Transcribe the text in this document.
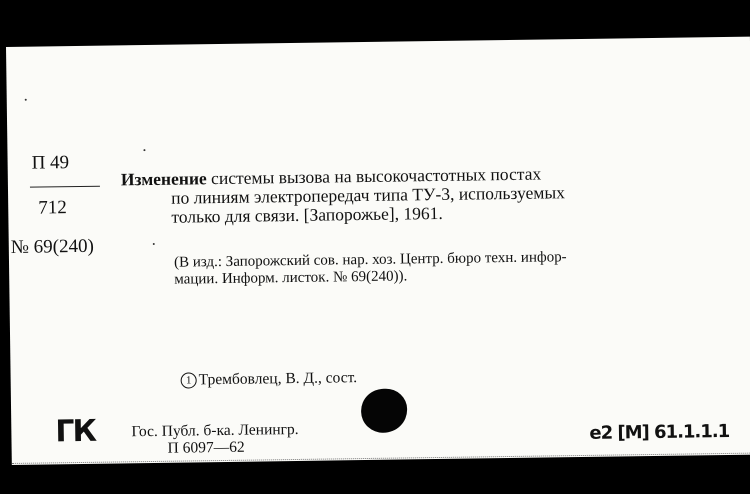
П 49
712
№ 69(240)
Изменение системы вызова на высокочастотных постах
по линиям электропередач типа ТУ-3, используемых
только для связи. [Запорожье], 1961.
(В изд.: Запорожский сов. нар. хоз. Центр. бюро техн. инфор-
мации. Информ. листок. № 69(240)).
1 Трембовлец, В. Д., сост.
ГК Гос. Публ. б-ка. Ленингр.
П 6097—62
е2 [М] 61.1.1.1
